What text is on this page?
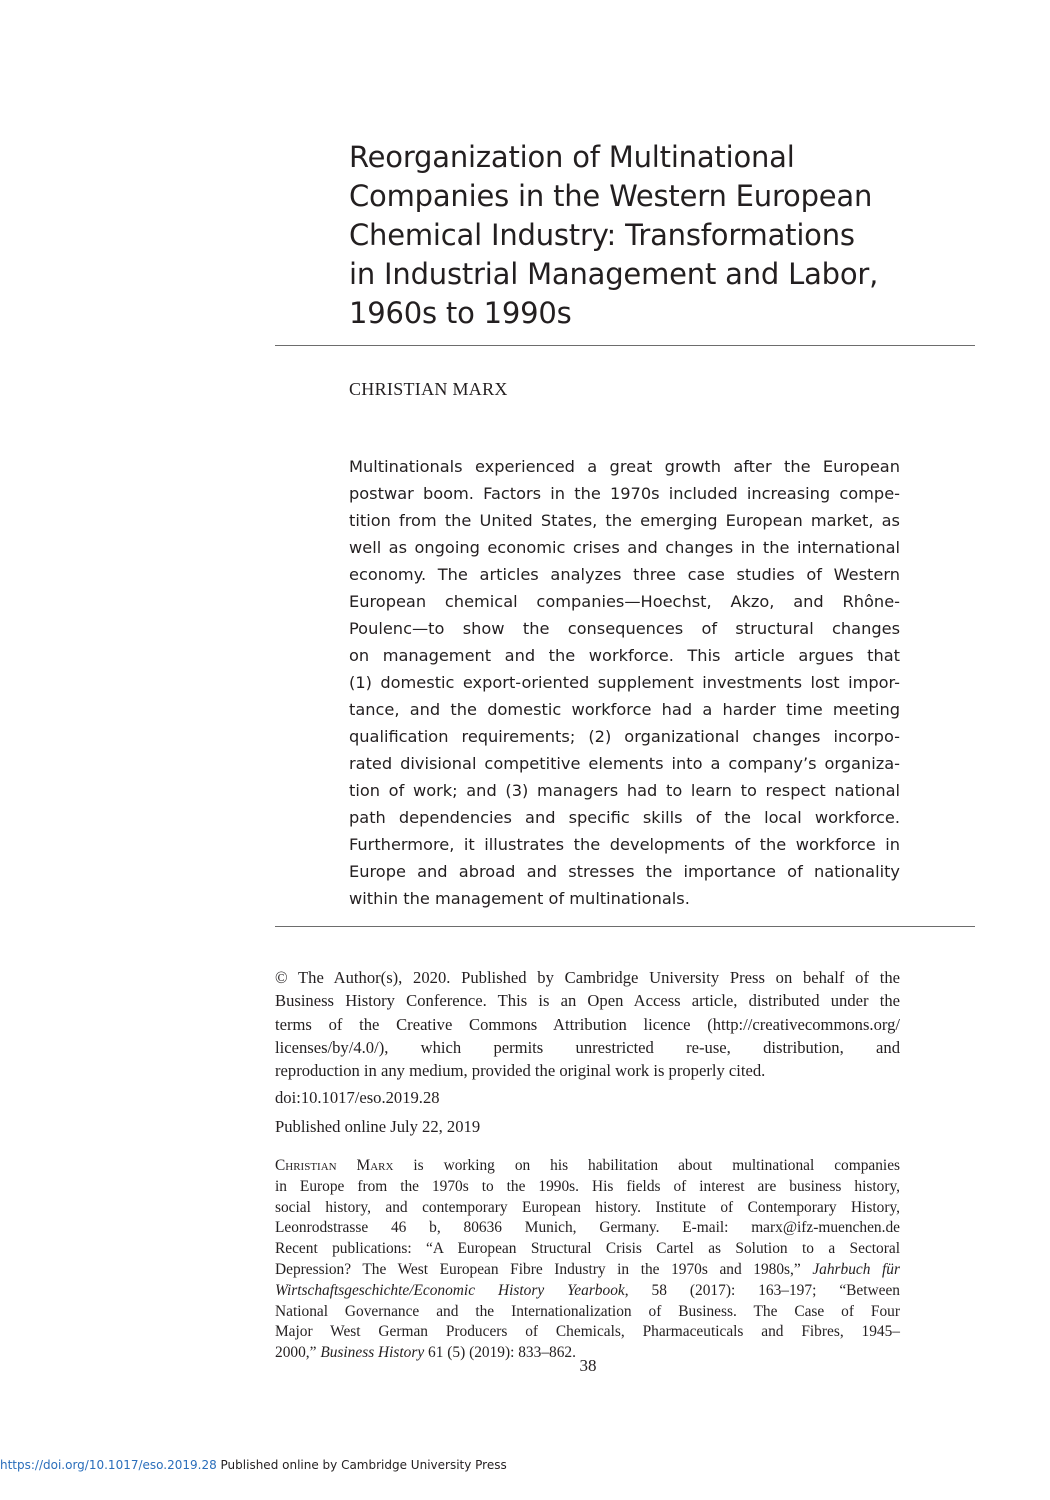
Reorganization of Multinational
Companies in the Western European
Chemical Industry: Transformations
in Industrial Management and Labor,
1960s to 1990s
CHRISTIAN MARX
Multinationals experienced a great growth after the European
postwar boom. Factors in the 1970s included increasing compe-
tition from the United States, the emerging European market, as
well as ongoing economic crises and changes in the international
economy. The articles analyzes three case studies of Western
European chemical companies—Hoechst, Akzo, and Rhône-
Poulenc—to show the consequences of structural changes
on management and the workforce. This article argues that
(1) domestic export-oriented supplement investments lost impor-
tance, and the domestic workforce had a harder time meeting
qualification requirements; (2) organizational changes incorpo-
rated divisional competitive elements into a company’s organiza-
tion of work; and (3) managers had to learn to respect national
path dependencies and specific skills of the local workforce.
Furthermore, it illustrates the developments of the workforce in
Europe and abroad and stresses the importance of nationality
within the management of multinationals.
© The Author(s), 2020. Published by Cambridge University Press on behalf of the
Business History Conference. This is an Open Access article, distributed under the
terms of the Creative Commons Attribution licence (http://creativecommons.org/
licenses/by/4.0/), which permits unrestricted re-use, distribution, and
reproduction in any medium, provided the original work is properly cited.
doi:10.1017/eso.2019.28
Published online July 22, 2019
Christian Marx is working on his habilitation about multinational companies
in Europe from the 1970s to the 1990s. His fields of interest are business history,
social history, and contemporary European history. Institute of Contemporary History,
Leonrodstrasse 46 b, 80636 Munich, Germany. E-mail: marx@ifz-muenchen.de
Recent publications: “A European Structural Crisis Cartel as Solution to a Sectoral
Depression? The West European Fibre Industry in the 1970s and 1980s,” Jahrbuch für
Wirtschaftsgeschichte/Economic History Yearbook, 58 (2017): 163–197; “Between
National Governance and the Internationalization of Business. The Case of Four
Major West German Producers of Chemicals, Pharmaceuticals and Fibres, 1945–
2000,” Business History 61 (5) (2019): 833–862.
38
https://doi.org/10.1017/eso.2019.28 Published online by Cambridge University Press
